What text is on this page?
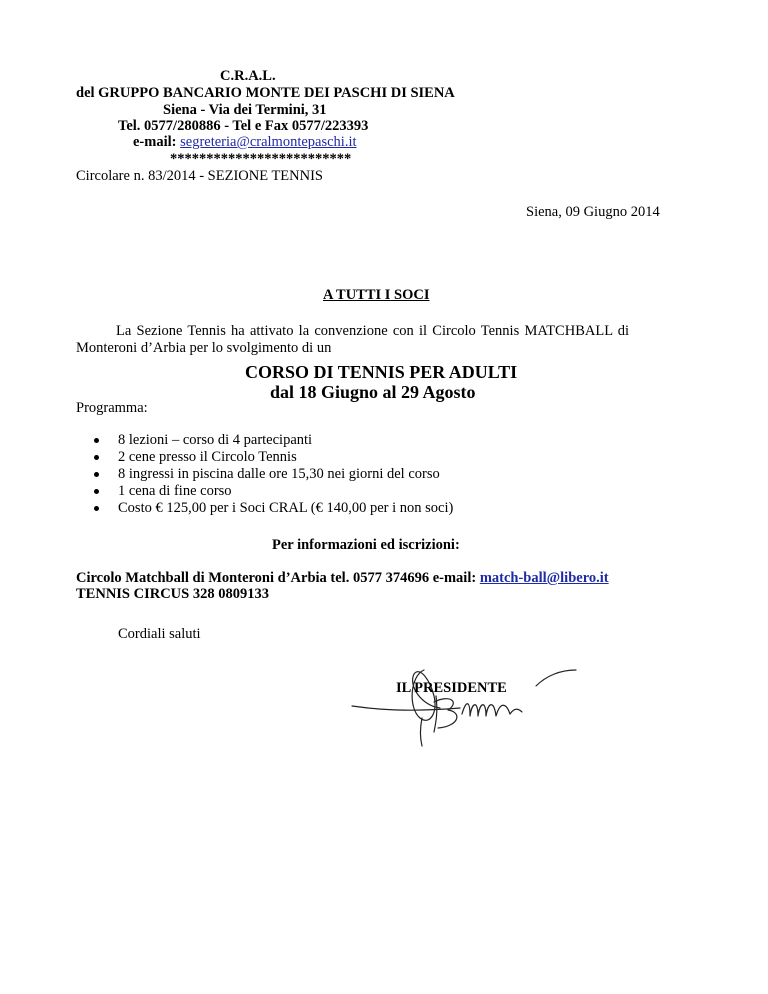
C.R.A.L.
del GRUPPO BANCARIO MONTE DEI PASCHI DI SIENA
Siena - Via dei Termini, 31
Tel. 0577/280886 - Tel e Fax 0577/223393
e-mail: segreteria@cralmontepaschi.it
*************************
Circolare n. 83/2014 - SEZIONE TENNIS
Siena, 09 Giugno 2014
A TUTTI I SOCI
La Sezione Tennis ha attivato la convenzione con il Circolo Tennis MATCHBALL di
Monteroni d’Arbia per lo svolgimento di un
CORSO DI TENNIS PER ADULTI
dal 18 Giugno al 29 Agosto
Programma:
8 lezioni – corso di 4 partecipanti
2 cene presso il Circolo Tennis
8 ingressi in piscina dalle ore 15,30 nei giorni del corso
1 cena di fine corso
Costo € 125,00 per i Soci CRAL (€ 140,00 per i non soci)
Per informazioni ed iscrizioni:
Circolo Matchball di Monteroni d’Arbia tel. 0577 374696 e-mail: match-ball@libero.it
TENNIS CIRCUS 328 0809133
Cordiali saluti
IL PRESIDENTE
